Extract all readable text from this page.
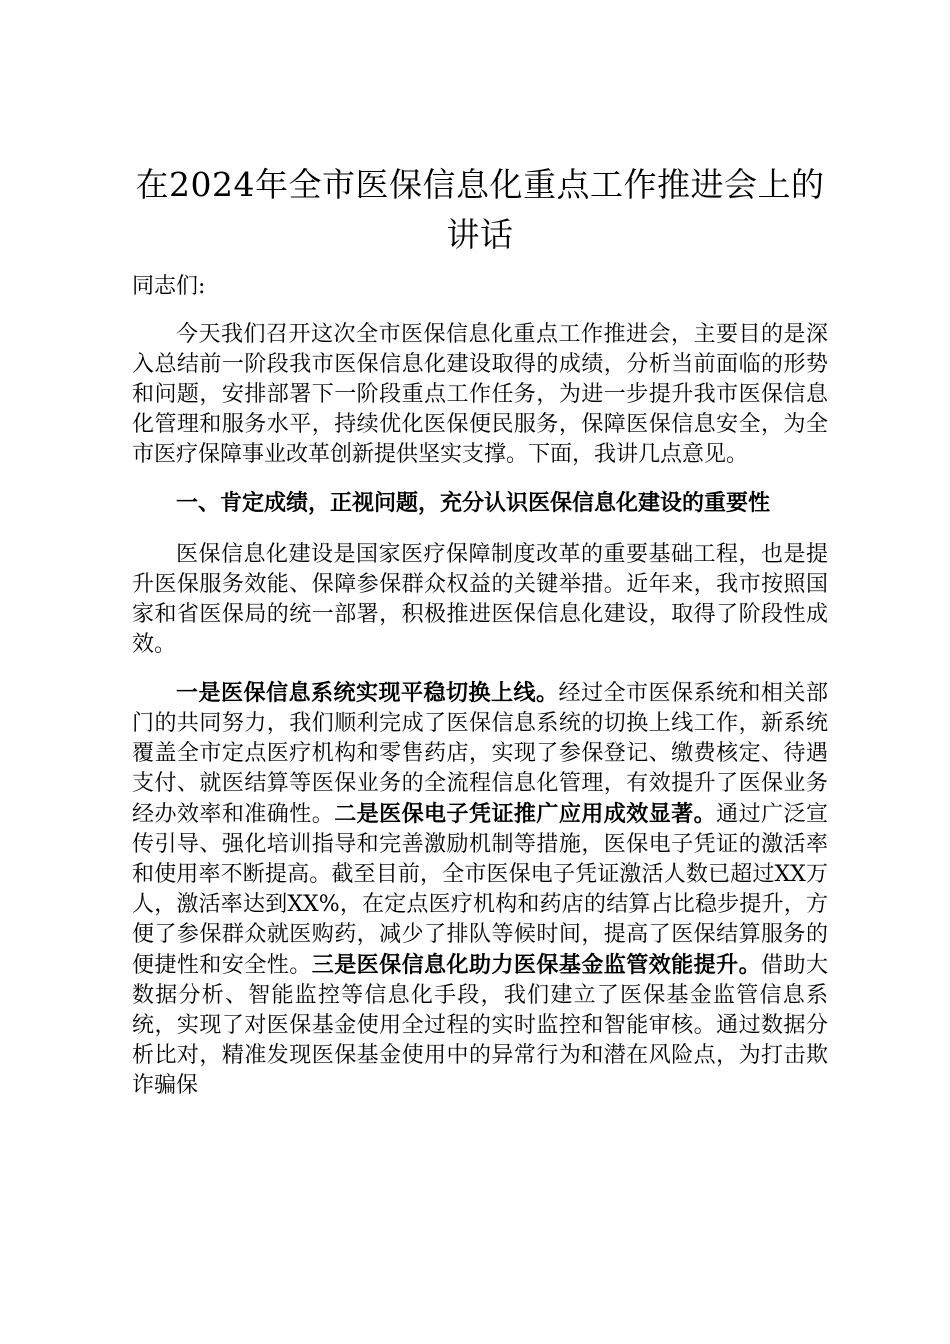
在2024年全市医保信息化重点工作推进会上的讲话
同志们:

今天我们召开这次全市医保信息化重点工作推进会，主要目的是深入总结前一阶段我市医保信息化建设取得的成绩，分析当前面临的形势和问题，安排部署下一阶段重点工作任务，为进一步提升我市医保信息化管理和服务水平，持续优化医保便民服务，保障医保信息安全，为全市医疗保障事业改革创新提供坚实支撑。下面，我讲几点意见。

一、肯定成绩，正视问题，充分认识医保信息化建设的重要性

医保信息化建设是国家医疗保障制度改革的重要基础工程，也是提升医保服务效能、保障参保群众权益的关键举措。近年来，我市按照国家和省医保局的统一部署，积极推进医保信息化建设，取得了阶段性成效。

一是医保信息系统实现平稳切换上线。经过全市医保系统和相关部门的共同努力，我们顺利完成了医保信息系统的切换上线工作，新系统覆盖全市定点医疗机构和零售药店，实现了参保登记、缴费核定、待遇支付、就医结算等医保业务的全流程信息化管理，有效提升了医保业务经办效率和准确性。二是医保电子凭证推广应用成效显著。通过广泛宣传引导、强化培训指导和完善激励机制等措施，医保电子凭证的激活率和使用率不断提高。截至目前，全市医保电子凭证激活人数已超过XX万人，激活率达到XX%，在定点医疗机构和药店的结算占比稳步提升，方便了参保群众就医购药，减少了排队等候时间，提高了医保结算服务的便捷性和安全性。三是医保信息化助力医保基金监管效能提升。借助大数据分析、智能监控等信息化手段，我们建立了医保基金监管信息系统，实现了对医保基金使用全过程的实时监控和智能审核。通过数据分析比对，精准发现医保基金使用中的异常行为和潜在风险点，为打击欺诈骗保
